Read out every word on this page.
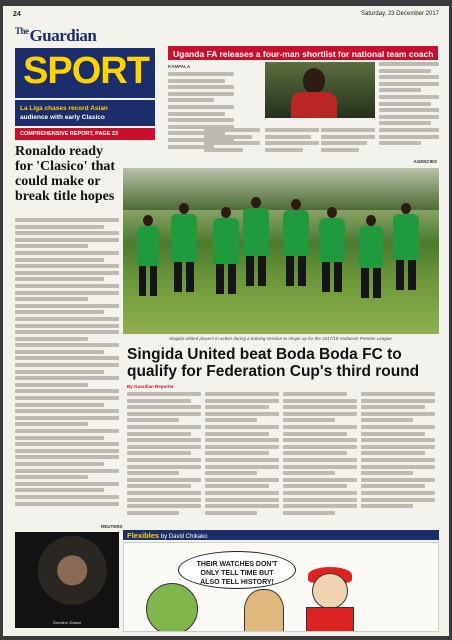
24	Saturday, 23 December 2017
$^{The}$Guardian
SPORT
La Liga chases record Asian
audience with early Clasico
COMPREHENSIVE REPORT, PAGE 23
Uganda FA releases a four-man shortlist for national team coach
KAMPALA
AGENCIES
Ronaldo ready for 'Clasico' that could make or break title hopes
Singida United players in action during a training session to shape up for the 2017/18 Vodacom Premier League.
Singida United beat Boda Boda FC to qualify for Federation Cup's third round
By Guardian Reporter
REUTERS
Zinedine Zidane
Flexibles by David Chikako
THEIR WATCHES DON'T
ONLY TELL TIME BUT
ALSO TELL HISTORY!
